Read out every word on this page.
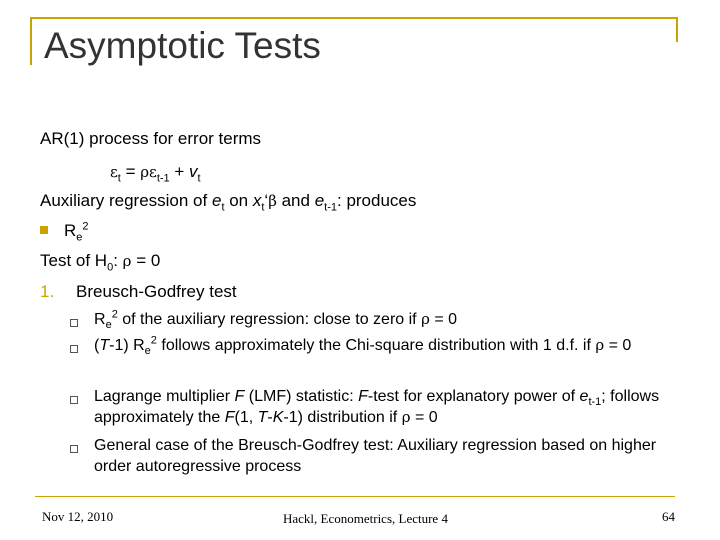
Asymptotic Tests
AR(1) process for error terms
$\varepsilon_t = \rho\varepsilon_{t-1} + v_t$
Auxiliary regression of $e_t$ on $x_t‘\beta$ and $e_{t-1}$: produces
$R_e^2$
Test of $H_0$: ρ = 0
1. Breusch-Godfrey test
$R_e^2$ of the auxiliary regression: close to zero if ρ = 0
(T-1) $R_e^2$ follows approximately the Chi-square distribution with 1 d.f. if ρ = 0
Lagrange multiplier F (LMF) statistic: F-test for explanatory power of $e_{t-1}$; follows approximately the F(1, T-K-1) distribution if ρ = 0
General case of the Breusch-Godfrey test: Auxiliary regression based on higher order autoregressive process
Nov 12, 2010	Hackl, Econometrics, Lecture 4	64
